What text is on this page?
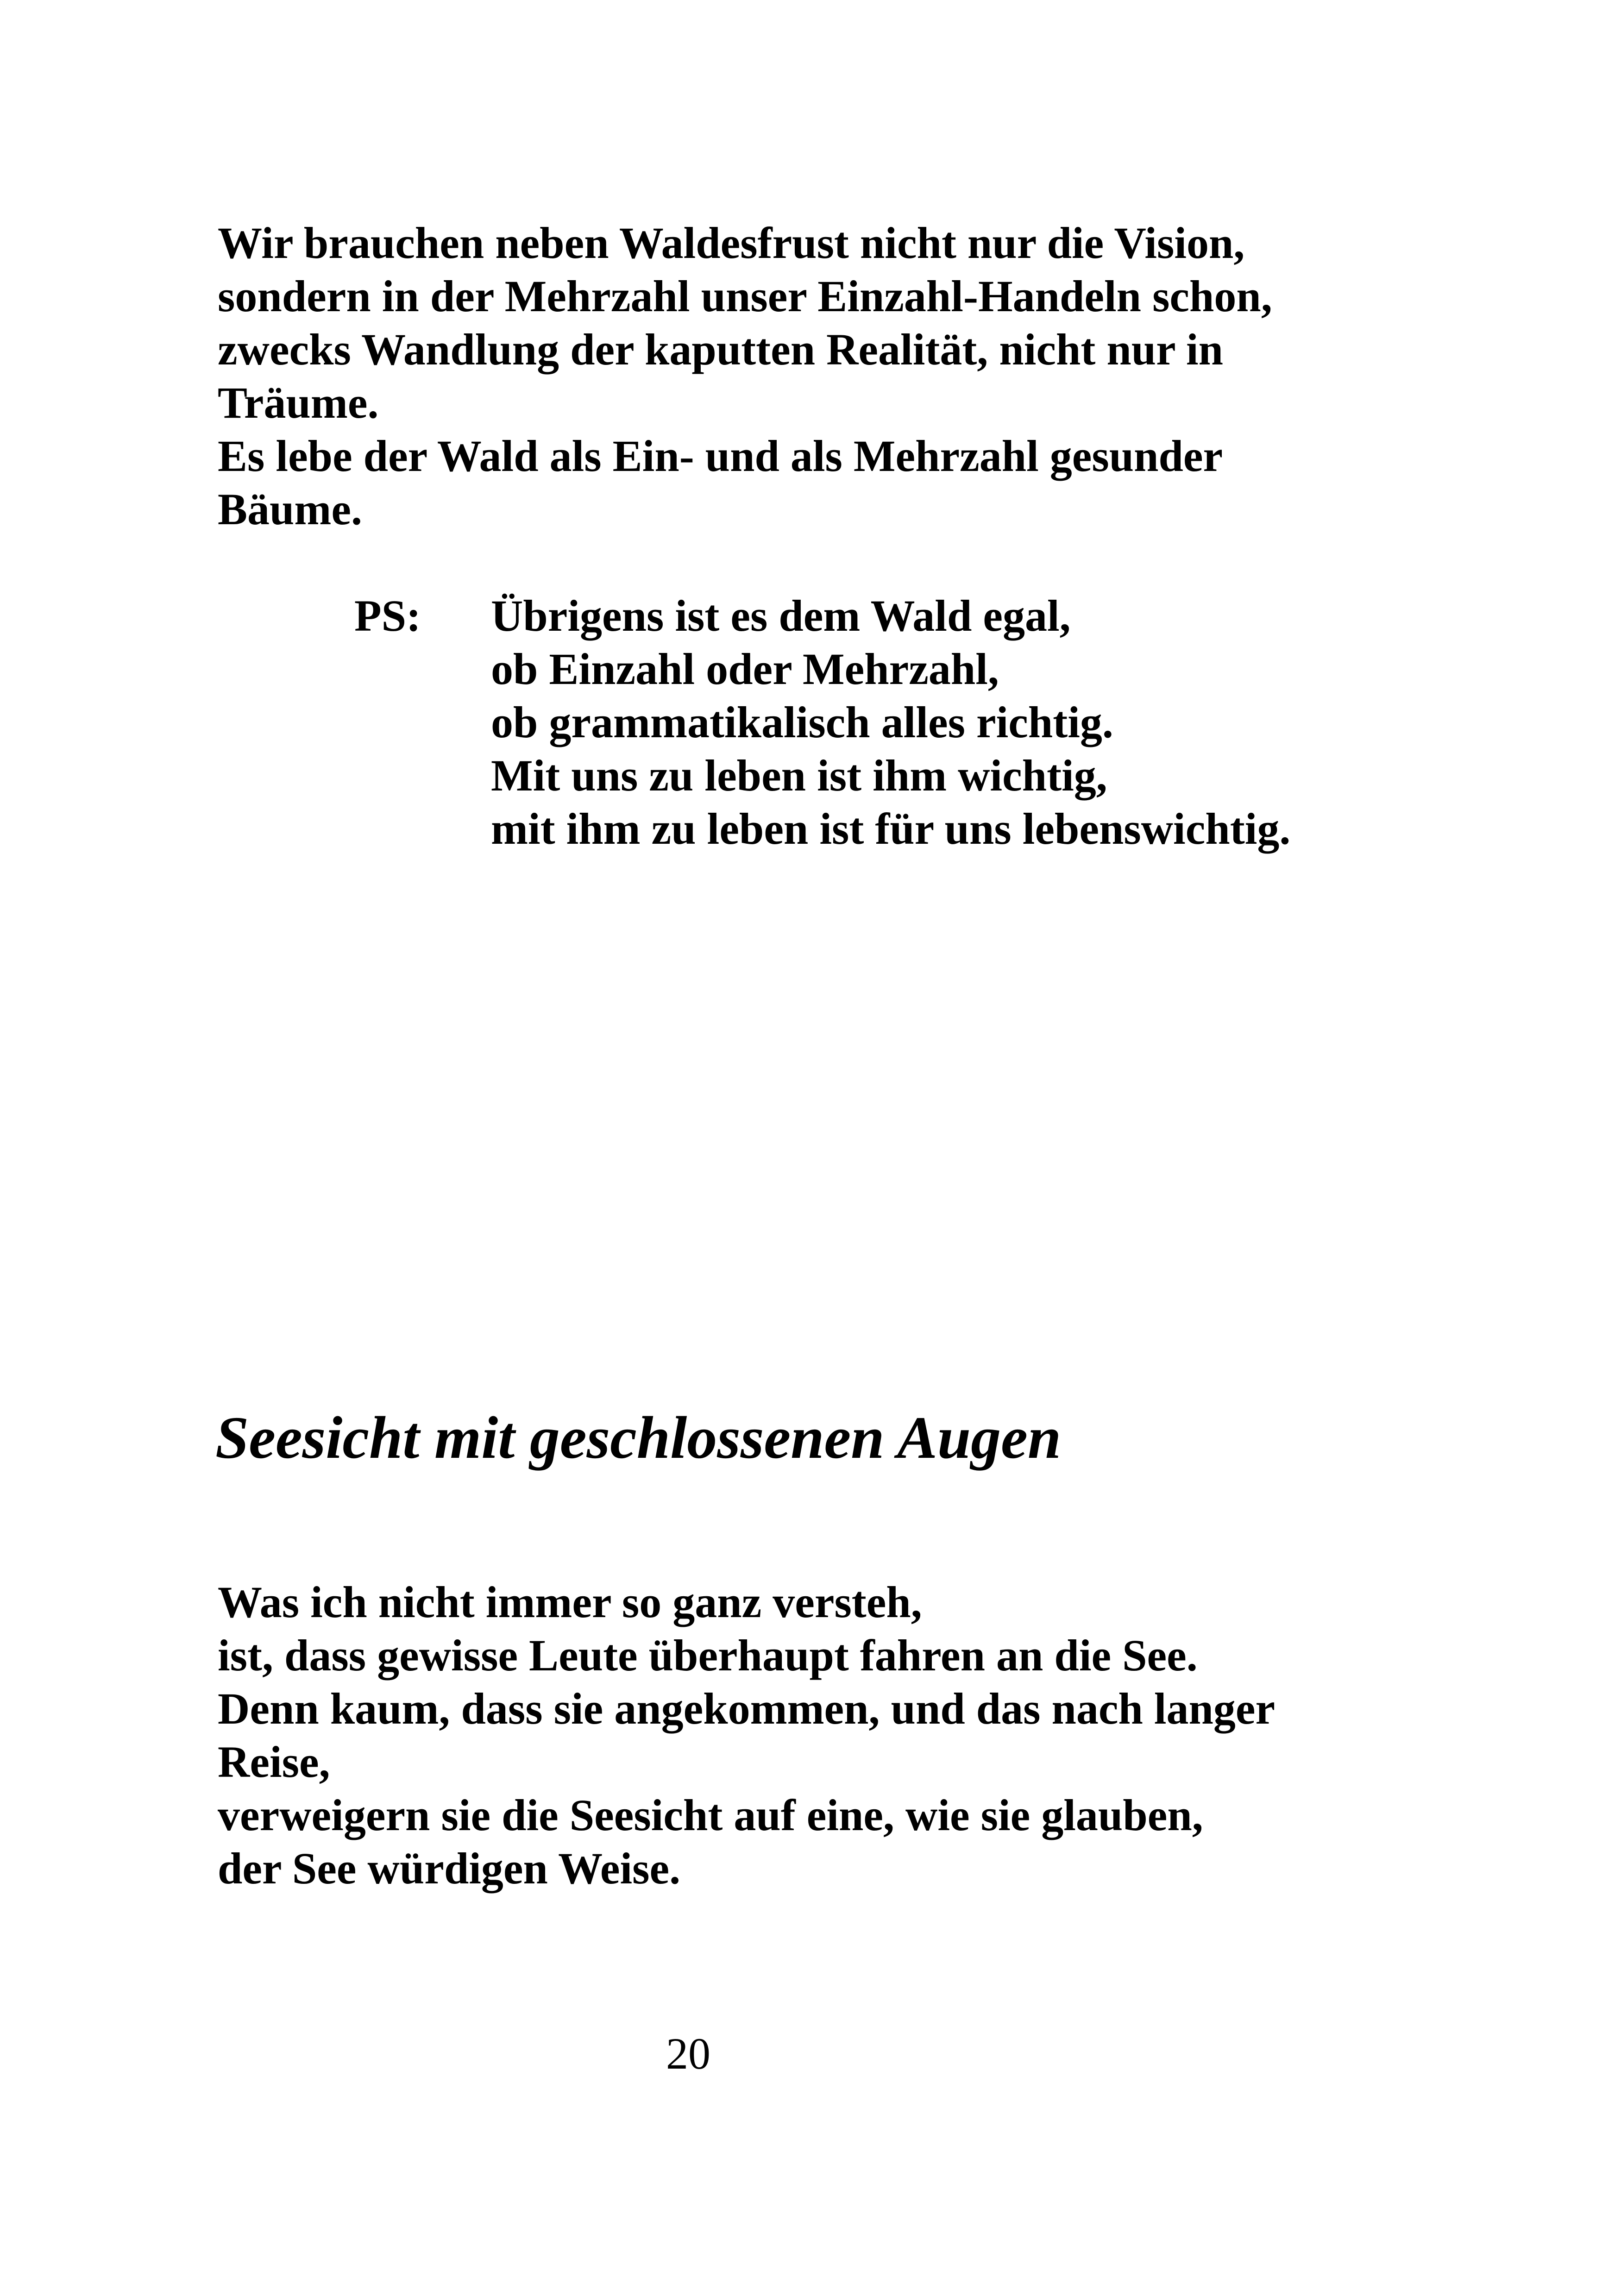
Wir brauchen neben Waldesfrust nicht nur die Vision,
sondern in der Mehrzahl unser Einzahl-Handeln schon,
zwecks Wandlung der kaputten Realität, nicht nur in
Träume.
Es lebe der Wald als Ein- und als Mehrzahl gesunder
Bäume.
PS: Übrigens ist es dem Wald egal,
ob Einzahl oder Mehrzahl,
ob grammatikalisch alles richtig.
Mit uns zu leben ist ihm wichtig,
mit ihm zu leben ist für uns lebenswichtig.
Seesicht mit geschlossenen Augen
Was ich nicht immer so ganz versteh,
ist, dass gewisse Leute überhaupt fahren an die See.
Denn kaum, dass sie angekommen, und das nach langer
Reise,
verweigern sie die Seesicht auf eine, wie sie glauben,
der See würdigen Weise.
20
